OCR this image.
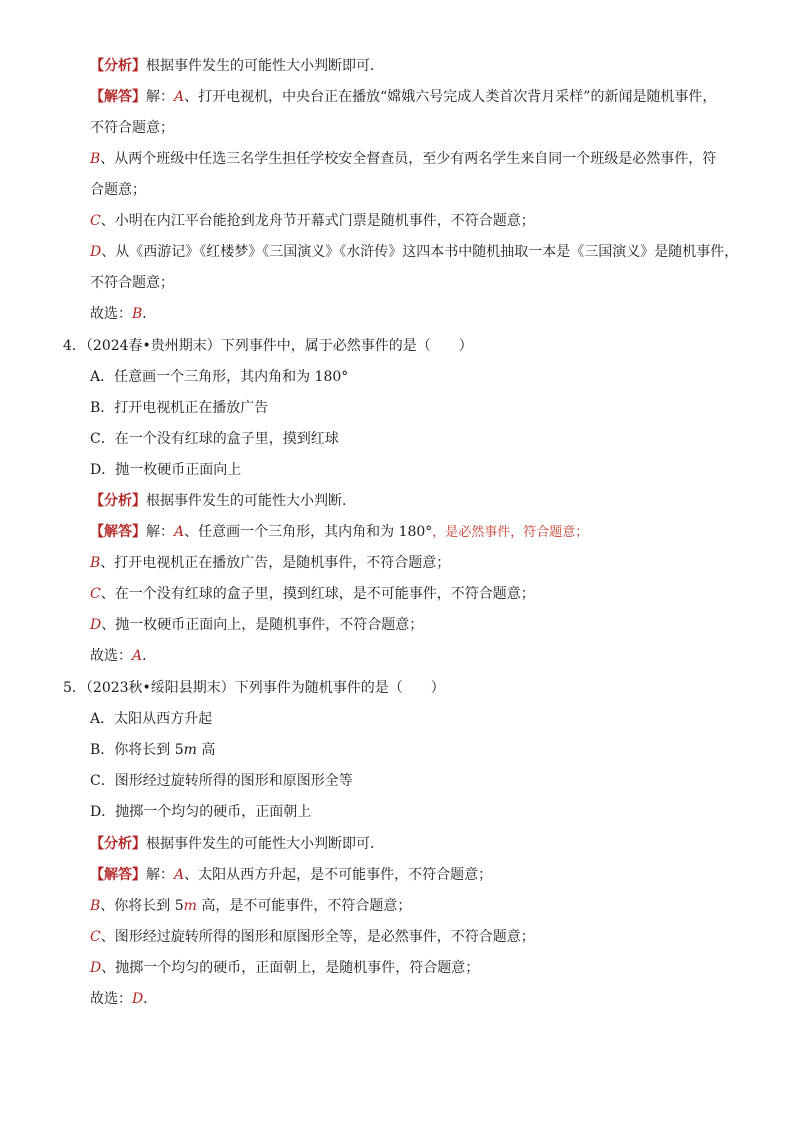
【分析】根据事件发生的可能性大小判断即可．
【解答】解：A、打开电视机，中央台正在播放“嫦娥六号完成人类首次背月采样”的新闻是随机事件，
不符合题意；
B、从两个班级中任选三名学生担任学校安全督查员，至少有两名学生来自同一个班级是必然事件，符
合题意；
C、小明在内江平台能抢到龙舟节开幕式门票是随机事件，不符合题意；
D、从《西游记》《红楼梦》《三国演义》《水浒传》这四本书中随机抽取一本是《三国演义》是随机事件，
不符合题意；
故选：B．
4．（2024春•贵州期末）下列事件中，属于必然事件的是（　　）
A．任意画一个三角形，其内角和为 180°
B．打开电视机正在播放广告
C．在一个没有红球的盒子里，摸到红球
D．抛一枚硬币正面向上
【分析】根据事件发生的可能性大小判断．
【解答】解：A、任意画一个三角形，其内角和为 180°，是必然事件，符合题意；
B、打开电视机正在播放广告，是随机事件，不符合题意；
C、在一个没有红球的盒子里，摸到红球，是不可能事件，不符合题意；
D、抛一枚硬币正面向上，是随机事件，不符合题意；
故选：A．
5．（2023秋•绥阳县期末）下列事件为随机事件的是（　　）
A．太阳从西方升起
B．你将长到 5m 高
C．图形经过旋转所得的图形和原图形全等
D．抛掷一个均匀的硬币，正面朝上
【分析】根据事件发生的可能性大小判断即可．
【解答】解：A、太阳从西方升起，是不可能事件，不符合题意；
B、你将长到 5m 高，是不可能事件，不符合题意；
C、图形经过旋转所得的图形和原图形全等，是必然事件，不符合题意；
D、抛掷一个均匀的硬币，正面朝上，是随机事件，符合题意；
故选：D．
